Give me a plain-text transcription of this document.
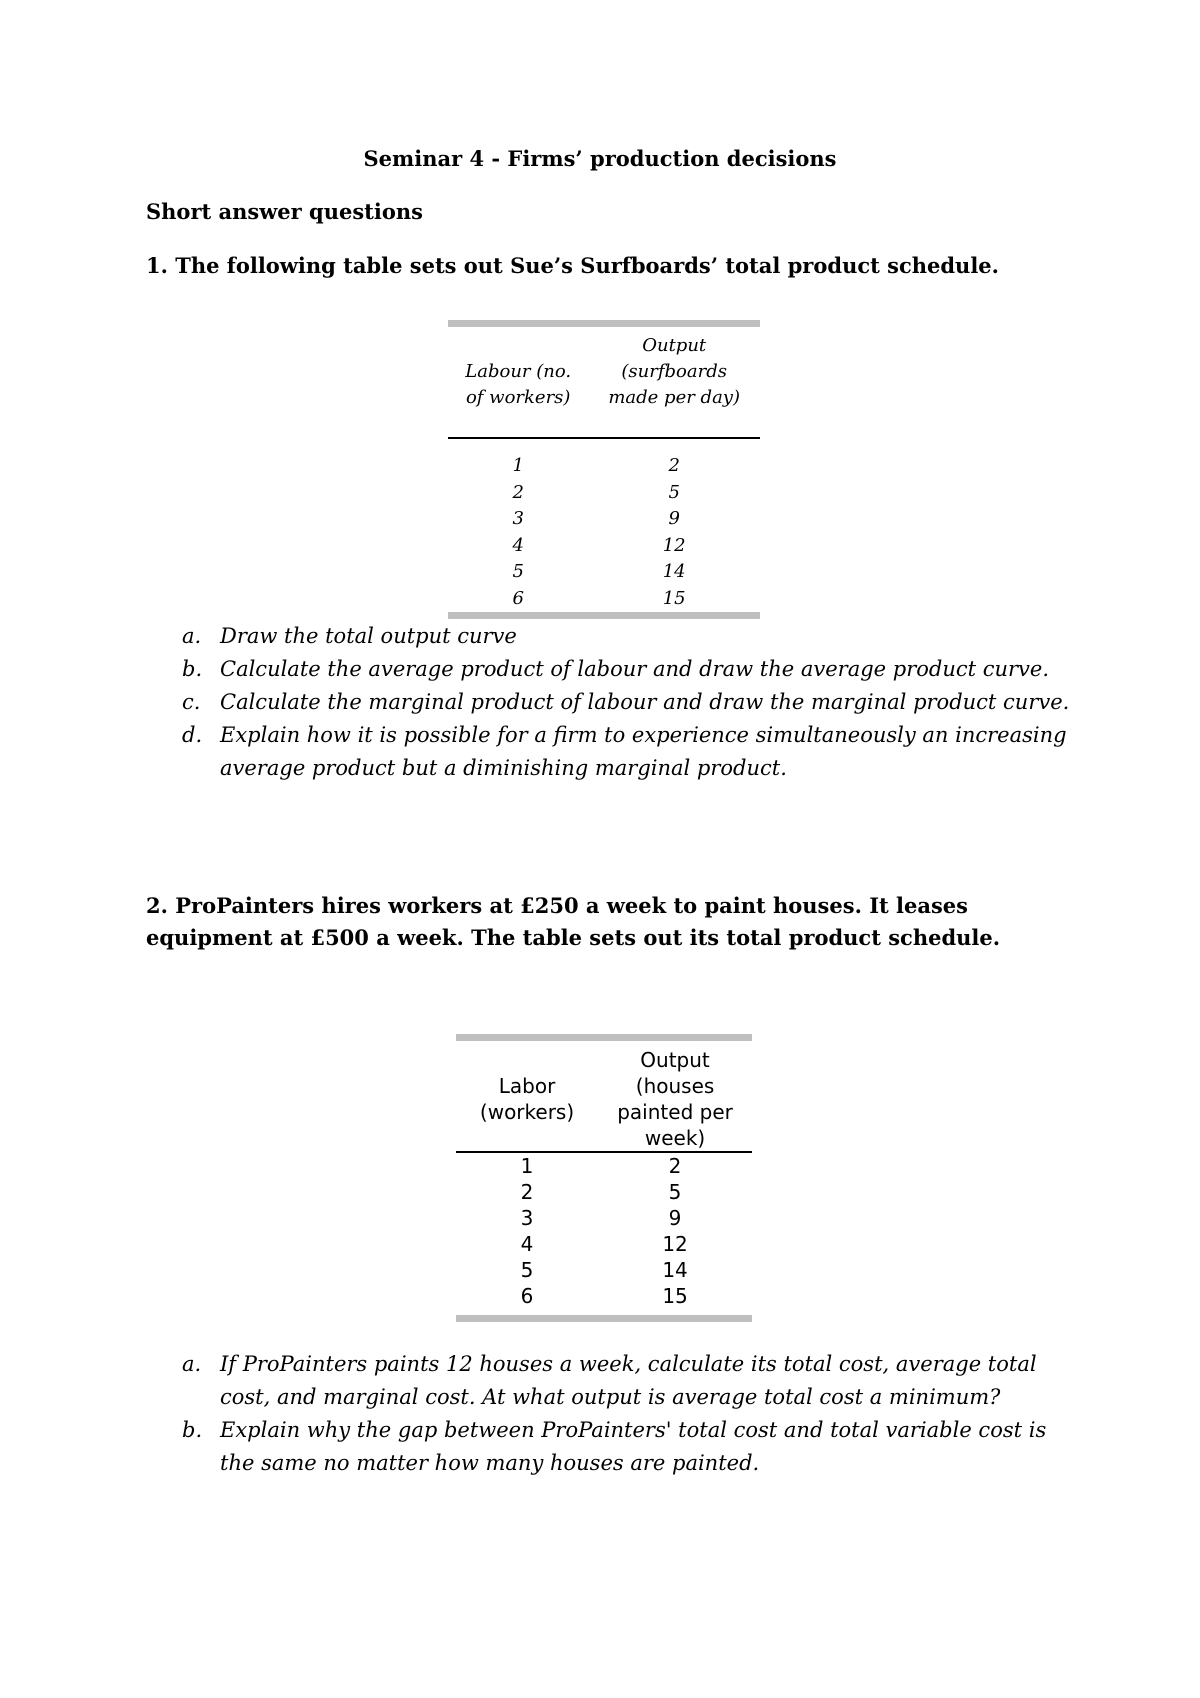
Seminar 4 - Firms’ production decisions
Short answer questions
1. The following table sets out Sue’s Surfboards’ total product schedule.

Labour (no. of workers)	Output (surfboards made per day)
1	2
2	5
3	9
4	12
5	14
6	15

a. Draw the total output curve
b. Calculate the average product of labour and draw the average product curve.
c. Calculate the marginal product of labour and draw the marginal product curve.
d. Explain how it is possible for a firm to experience simultaneously an increasing average product but a diminishing marginal product.
2. ProPainters hires workers at £250 a week to paint houses. It leases equipment at £500 a week. The table sets out its total product schedule.

Labor (workers)	Output (houses painted per week)
1	2
2	5
3	9
4	12
5	14
6	15

a. If ProPainters paints 12 houses a week, calculate its total cost, average total cost, and marginal cost. At what output is average total cost a minimum?
b. Explain why the gap between ProPainters' total cost and total variable cost is the same no matter how many houses are painted.
